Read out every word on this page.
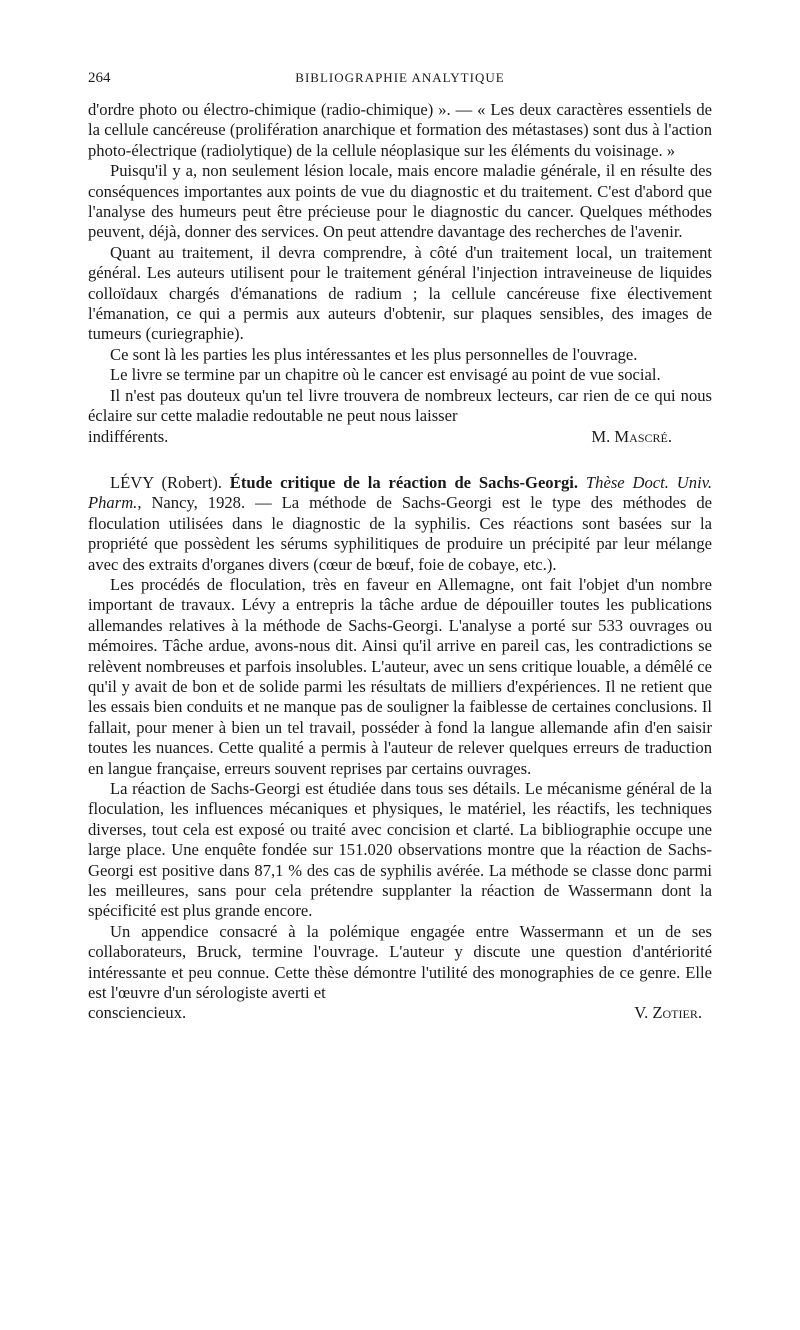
264	BIBLIOGRAPHIE ANALYTIQUE

d'ordre photo ou électro-chimique (radio-chimique) ». — « Les deux caractères essentiels de la cellule cancéreuse (prolifération anarchique et formation des métastases) sont dus à l'action photo-électrique (radiolytique) de la cellule néoplasique sur les éléments du voisinage. »

Puisqu'il y a, non seulement lésion locale, mais encore maladie générale, il en résulte des conséquences importantes aux points de vue du diagnostic et du traitement. C'est d'abord que l'analyse des humeurs peut être précieuse pour le diagnostic du cancer. Quelques méthodes peuvent, déjà, donner des services. On peut attendre davantage des recherches de l'avenir.

Quant au traitement, il devra comprendre, à côté d'un traitement local, un traitement général. Les auteurs utilisent pour le traitement général l'injection intraveineuse de liquides colloïdaux chargés d'émanations de radium ; la cellule cancéreuse fixe électivement l'émanation, ce qui a permis aux auteurs d'obtenir, sur plaques sensibles, des images de tumeurs (curiegraphie).

Ce sont là les parties les plus intéressantes et les plus personnelles de l'ouvrage.

Le livre se termine par un chapitre où le cancer est envisagé au point de vue social.

Il n'est pas douteux qu'un tel livre trouvera de nombreux lecteurs, car rien de ce qui nous éclaire sur cette maladie redoutable ne peut nous laisser

indifférents.	M. Mascré.

LÉVY (Robert). Étude critique de la réaction de Sachs-Georgi. Thèse Doct. Univ. Pharm., Nancy, 1928. — La méthode de Sachs-Georgi est le type des méthodes de floculation utilisées dans le diagnostic de la syphilis. Ces réactions sont basées sur la propriété que possèdent les sérums syphilitiques de produire un précipité par leur mélange avec des extraits d'organes divers (cœur de bœuf, foie de cobaye, etc.).

Les procédés de floculation, très en faveur en Allemagne, ont fait l'objet d'un nombre important de travaux. Lévy a entrepris la tâche ardue de dépouiller toutes les publications allemandes relatives à la méthode de Sachs-Georgi. L'analyse a porté sur 533 ouvrages ou mémoires. Tâche ardue, avons-nous dit. Ainsi qu'il arrive en pareil cas, les contradictions se relèvent nombreuses et parfois insolubles. L'auteur, avec un sens critique louable, a démêlé ce qu'il y avait de bon et de solide parmi les résultats de milliers d'expériences. Il ne retient que les essais bien conduits et ne manque pas de souligner la faiblesse de certaines conclusions. Il fallait, pour mener à bien un tel travail, posséder à fond la langue allemande afin d'en saisir toutes les nuances. Cette qualité a permis à l'auteur de relever quelques erreurs de traduction en langue française, erreurs souvent reprises par certains ouvrages.

La réaction de Sachs-Georgi est étudiée dans tous ses détails. Le mécanisme général de la floculation, les influences mécaniques et physiques, le matériel, les réactifs, les techniques diverses, tout cela est exposé ou traité avec concision et clarté. La bibliographie occupe une large place. Une enquête fondée sur 151.020 observations montre que la réaction de Sachs-Georgi est positive dans 87,1 % des cas de syphilis avérée. La méthode se classe donc parmi les meilleures, sans pour cela prétendre supplanter la réaction de Wassermann dont la spécificité est plus grande encore.

Un appendice consacré à la polémique engagée entre Wassermann et un de ses collaborateurs, Bruck, termine l'ouvrage. L'auteur y discute une question d'antériorité intéressante et peu connue. Cette thèse démontre l'utilité des monographies de ce genre. Elle est l'œuvre d'un sérologiste averti et

consciencieux.	V. Zotier.
